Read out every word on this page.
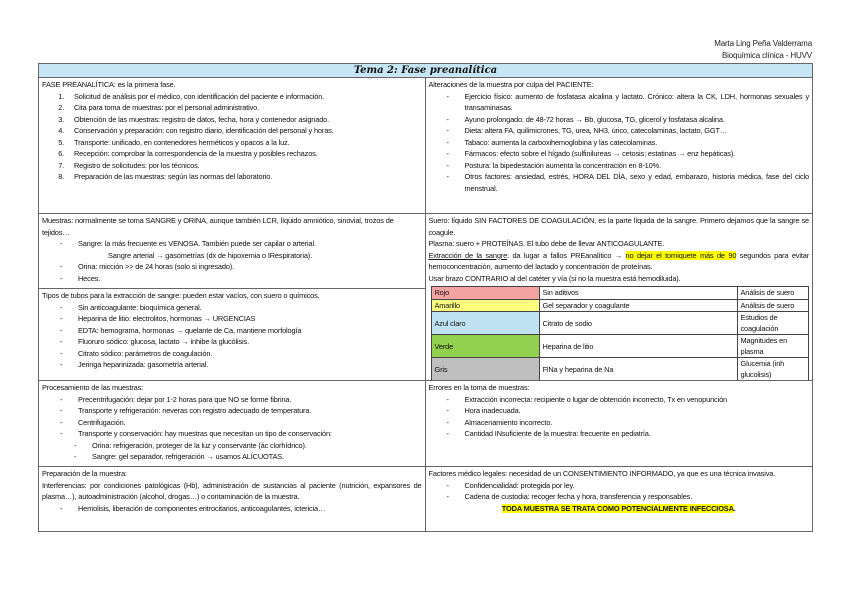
Marta Ling Peña Valderrama
Bioquímica clínica - HUVV
Tema 2: Fase preanalítica
FASE PREANALÍTICA: es la primera fase.
1. Solicitud de análisis por el médico, con identificación del paciente e información.
2. Cita para toma de muestras: por el personal administrativo.
3. Obtención de las muestras: registro de datos, fecha, hora y contenedor asignado.
4. Conservación y preparación: con registro diario, identificación del personal y horas.
5. Transporte: unificado, en contenedores herméticos y opacos a la luz.
6. Recepción: comprobar la correspondencia de la muestra y posibles rechazos.
7. Registro de solicitudes: por los técnicos.
8. Preparación de las muestras: según las normas del laboratorio.
Muestras: normalmente se toma SANGRE y ORINA, aunque también LCR, líquido amniótico, sinovial, trozos de tejidos…
- Sangre: la más frecuente es VENOSA. También puede ser capilar o arterial.
Sangre arterial → gasometrías (dx de hipoxemia o IRespiratoria).
- Orina: micción >> de 24 horas (solo si ingresado).
- Heces.
Tipos de tubos para la extracción de sangre: pueden estar vacíos, con suero o químicos.
- Sin anticoagulante: bioquímica general.
- Heparina de litio: electrolitos, hormonas → URGENCIAS
- EDTA: hemograma, hormonas → quelante de Ca, mantiene morfología
- Fluoruro sódico: glucosa, lactato → inhibe la glucólisis.
- Citrato sódico: parámetros de coagulación.
- Jeringa heparinizada: gasometría arterial.
Procesamiento de las muestras:
- Precentrifugación: dejar por 1-2 horas para que NO se forme fibrina.
- Transporte y refrigeración: neveras con registro adecuado de temperatura.
- Centrifugación.
- Transporte y conservación: hay muestras que necesitan un tipo de conservación:
- Orina: refrigeración, proteger de la luz y conservante (ác clorhídrico).
- Sangre: gel separador, refrigeración → usamos ALÍCUOTAS.
Preparación de la muestra:
Interferencias: por condiciones patológicas (Hb), administración de sustancias al paciente (nutrición, expansores de plasma…), autoadministración (alcohol, drogas…) o contaminación de la muestra.
- Hemolisis, liberación de componentes eritrocitarios, anticoagulantes, ictericia…
Alteraciones de la muestra por culpa del PACIENTE:
- Ejercicio físico: aumento de fosfatasa alcalina y lactato. Crónico: altera la CK, LDH, hormonas sexuales y transaminasas.
- Ayuno prolongado: de 48-72 horas → Bb, glucosa, TG, glicerol y fosfatasa alcalina.
- Dieta: altera FA, quilimicrones, TG, urea, NH3, úrico, catecolaminas, lactato, GGT…
- Tabaco: aumenta la carboxihemoglobina y las catecolaminas.
- Fármacos: efecto sobre el hígado (sulfinilureas → cetosis; estatinas → enz hepáticas).
- Postura: la bipedestación aumenta la concentración en 8-10%.
- Otros factores: ansiedad, estrés, HORA DEL DÍA, sexo y edad, embarazo, historia médica, fase del ciclo menstrual.
Suero: líquido SIN FACTORES DE COAGULACIÓN, es la parte líquida de la sangre. Primero dejamos que la sangre se coagule.
Plasma: suero + PROTEÍNAS. El tubo debe de llevar ANTICOAGULANTE.
Extracción de la sangre: da lugar a fallos PREanalítico → no dejar el torniquete más de 90 segundos para evitar hemoconcentración, aumento del lactado y concentración de proteínas.
Usar brazo CONTRARIO al del catéter y vía (si no la muestra está hemodiluida).
Rojo	Sin aditivos	Análisis de suero
Amarillo	Gel separador y coagulante	Análisis de suero
Azul claro	Citrato de sodio	Estudios de coagulación
Verde	Heparina de litio	Magnitudes en plasma
Gris	FlNa y heparina de Na	Glucemia (inh glucolisis)

Errores en la toma de muestras:
- Extracción incorrecta: recipiente o lugar de obtención incorrecto, Tx en venopunción
- Hora inadecuada.
- Almacenamiento incorrecto.
- Cantidad INsuficiente de la muestra: frecuente en pediatría.
Factores médico legales: necesidad de un CONSENTIMIENTO INFORMADO, ya que es una técnica invasiva.
- Confidencialidad: protegida por ley.
- Cadena de custodia: recoger fecha y hora, transferencia y responsables.
TODA MUESTRA SE TRATA COMO POTENCIALMENTE INFECCIOSA.
